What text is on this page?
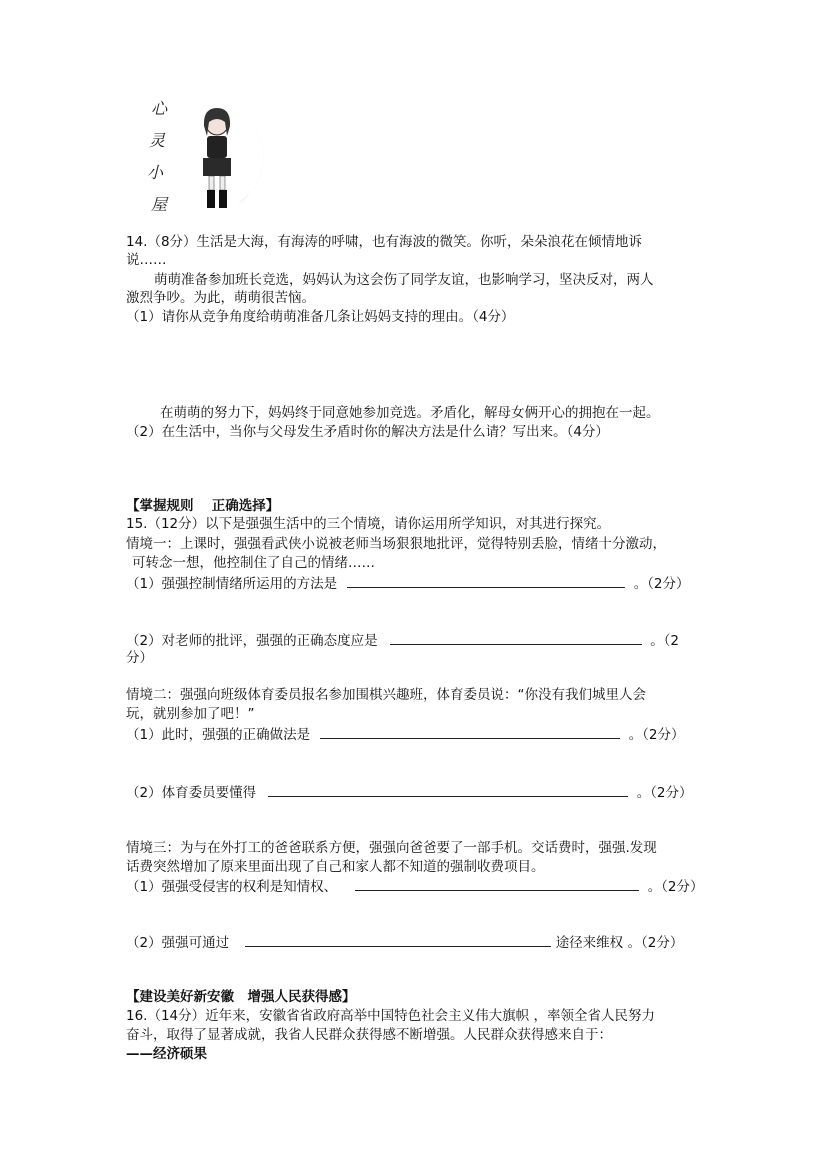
心
灵
小
屋
14.（8分）生活是大海，有海涛的呼啸，也有海波的微笑。你听，朵朵浪花在倾情地诉
说……
萌萌准备参加班长竞选，妈妈认为这会伤了同学友谊，也影响学习，坚决反对，两人
激烈争吵。为此，萌萌很苦恼。
（1）请你从竞争角度给萌萌准备几条让妈妈支持的理由。（4分）
在萌萌的努力下，妈妈终于同意她参加竞选。矛盾化，解母女俩开心的拥抱在一起。
（2）在生活中，当你与父母发生矛盾时你的解决方法是什么请？写出来。（4分）
【掌握规则　 正确选择】
15.（12分）以下是强强生活中的三个情境，请你运用所学知识，对其进行探究。
情境一：上课时，强强看武侠小说被老师当场狠狠地批评，觉得特别丢脸，情绪十分激动，
可转念一想，他控制住了自己的情绪……
（1）强强控制情绪所运用的方法是	。（2分）
（2）对老师的批评，强强的正确态度应是	。（2
分）
情境二：强强向班级体育委员报名参加围棋兴趣班，体育委员说：“你没有我们城里人会
玩，就别参加了吧！”
（1）此时，强强的正确做法是	。（2分）
（2）体育委员要懂得	。（2分）
情境三：为与在外打工的爸爸联系方便，强强向爸爸要了一部手机。交话费时，强强.发现
话费突然增加了原来里面出现了自己和家人都不知道的强制收费项目。
（1）强强受侵害的权利是知情权、	。（2分）
（2）强强可通过	途径来维权 。（2分）
【建设美好新安徽　增强人民获得感】
16.（14分）近年来，安徽省省政府高举中国特色社会主义伟大旗帜 ，率领全省人民努力
奋斗，取得了显著成就，我省人民群众获得感不断增强。人民群众获得感来自于：
——经济硕果
